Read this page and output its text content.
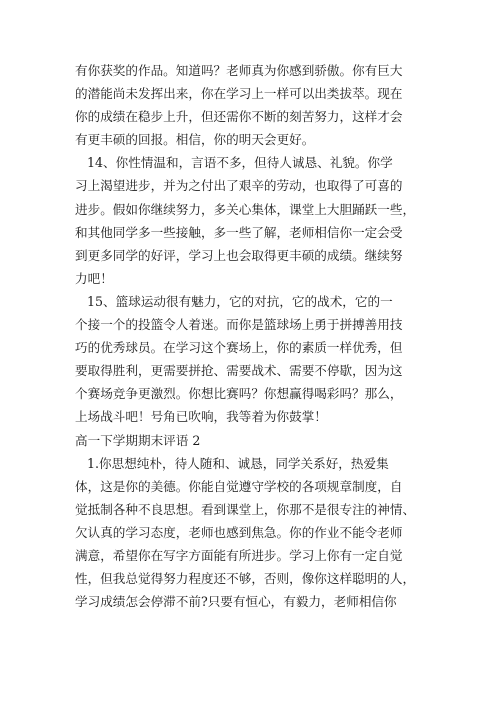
有你获奖的作品。知道吗？老师真为你感到骄傲。你有巨大
的潜能尚未发挥出来，你在学习上一样可以出类拔萃。现在
你的成绩在稳步上升，但还需你不断的刻苦努力，这样才会
有更丰硕的回报。相信，你的明天会更好。
14、你性情温和，言语不多，但待人诚恳、礼貌。你学
习上渴望进步，并为之付出了艰辛的劳动，也取得了可喜的
进步。假如你继续努力，多关心集体，课堂上大胆踊跃一些，
和其他同学多一些接触，多一些了解，老师相信你一定会受
到更多同学的好评，学习上也会取得更丰硕的成绩。继续努
力吧！
15、篮球运动很有魅力，它的对抗，它的战术，它的一
个接一个的投篮令人着迷。而你是篮球场上勇于拼搏善用技
巧的优秀球员。在学习这个赛场上，你的素质一样优秀，但
要取得胜利，更需要拼抢、需要战术、需要不停歇，因为这
个赛场竞争更激烈。你想比赛吗？你想赢得喝彩吗？那么，
上场战斗吧！号角已吹响，我等着为你鼓掌！
高一下学期期末评语 2
1.你思想纯朴，待人随和、诚恳，同学关系好，热爱集
体，这是你的美德。你能自觉遵守学校的各项规章制度，自
觉抵制各种不良思想。看到课堂上，你那不是很专注的神情、
欠认真的学习态度，老师也感到焦急。你的作业不能令老师
满意，希望你在写字方面能有所进步。学习上你有一定自觉
性，但我总觉得努力程度还不够，否则，像你这样聪明的人，
学习成绩怎会停滞不前?只要有恒心，有毅力，老师相信你
